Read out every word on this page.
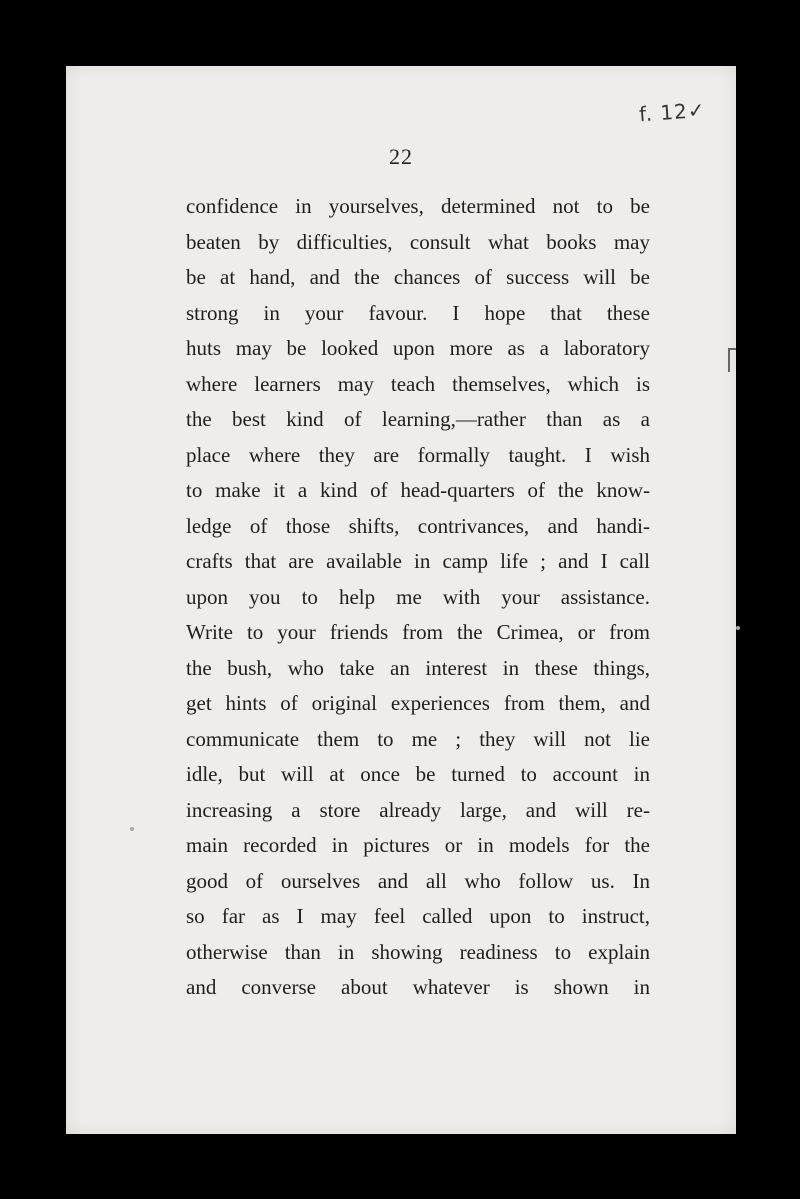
f. 12✓
22
confidence in yourselves, determined not to be
beaten by difficulties, consult what books may
be at hand, and the chances of success will be
strong in your favour. I hope that these
huts may be looked upon more as a laboratory
where learners may teach themselves, which is
the best kind of learning,—rather than as a
place where they are formally taught. I wish
to make it a kind of head-quarters of the know-
ledge of those shifts, contrivances, and handi-
crafts that are available in camp life ; and I call
upon you to help me with your assistance.
Write to your friends from the Crimea, or from
the bush, who take an interest in these things,
get hints of original experiences from them, and
communicate them to me ; they will not lie
idle, but will at once be turned to account in
increasing a store already large, and will re-
main recorded in pictures or in models for the
good of ourselves and all who follow us. In
so far as I may feel called upon to instruct,
otherwise than in showing readiness to explain
and converse about whatever is shown in
